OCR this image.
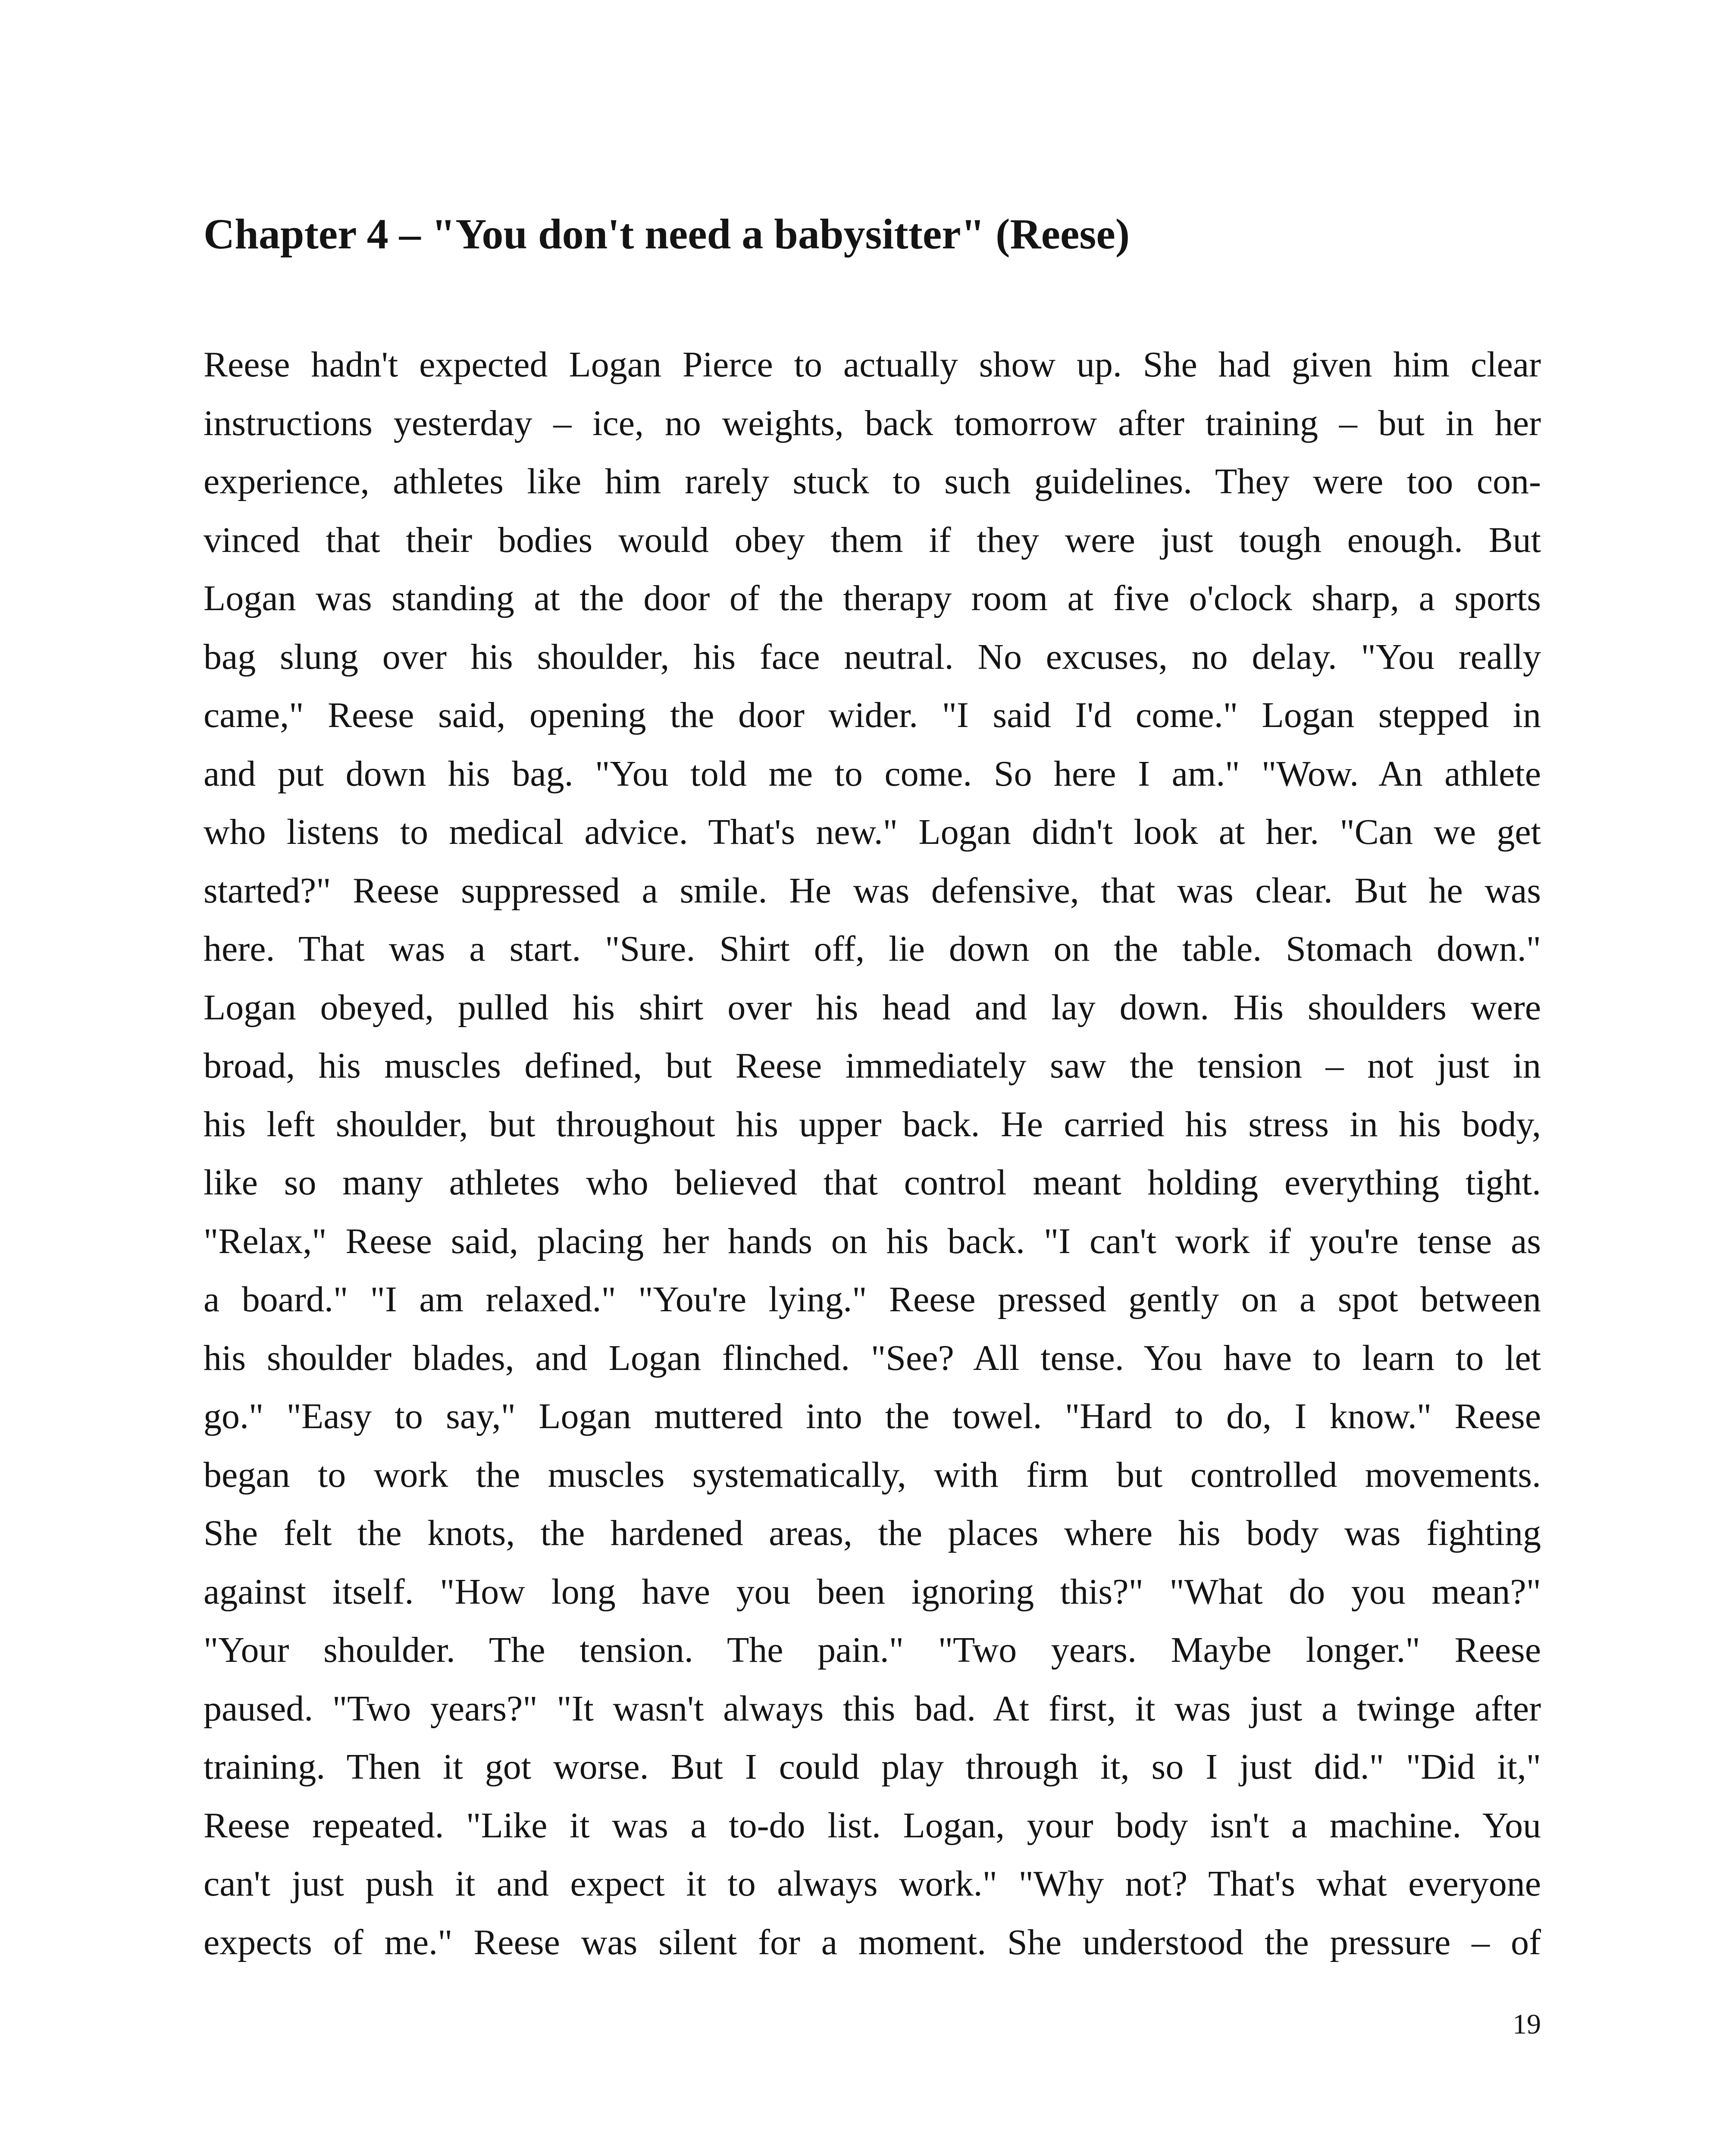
Chapter 4 – "You don't need a babysitter" (Reese)
Reese hadn't expected Logan Pierce to actually show up. She had given him clear
instructions yesterday – ice, no weights, back tomorrow after training – but in her
experience, athletes like him rarely stuck to such guidelines. They were too con-
vinced that their bodies would obey them if they were just tough enough. But
Logan was standing at the door of the therapy room at five o'clock sharp, a sports
bag slung over his shoulder, his face neutral. No excuses, no delay. "You really
came," Reese said, opening the door wider. "I said I'd come." Logan stepped in
and put down his bag. "You told me to come. So here I am." "Wow. An athlete
who listens to medical advice. That's new." Logan didn't look at her. "Can we get
started?" Reese suppressed a smile. He was defensive, that was clear. But he was
here. That was a start. "Sure. Shirt off, lie down on the table. Stomach down."
Logan obeyed, pulled his shirt over his head and lay down. His shoulders were
broad, his muscles defined, but Reese immediately saw the tension – not just in
his left shoulder, but throughout his upper back. He carried his stress in his body,
like so many athletes who believed that control meant holding everything tight.
"Relax," Reese said, placing her hands on his back. "I can't work if you're tense as
a board." "I am relaxed." "You're lying." Reese pressed gently on a spot between
his shoulder blades, and Logan flinched. "See? All tense. You have to learn to let
go." "Easy to say," Logan muttered into the towel. "Hard to do, I know." Reese
began to work the muscles systematically, with firm but controlled movements.
She felt the knots, the hardened areas, the places where his body was fighting
against itself. "How long have you been ignoring this?" "What do you mean?"
"Your shoulder. The tension. The pain." "Two years. Maybe longer." Reese
paused. "Two years?" "It wasn't always this bad. At first, it was just a twinge after
training. Then it got worse. But I could play through it, so I just did." "Did it,"
Reese repeated. "Like it was a to-do list. Logan, your body isn't a machine. You
can't just push it and expect it to always work." "Why not? That's what everyone
expects of me." Reese was silent for a moment. She understood the pressure – of
19
